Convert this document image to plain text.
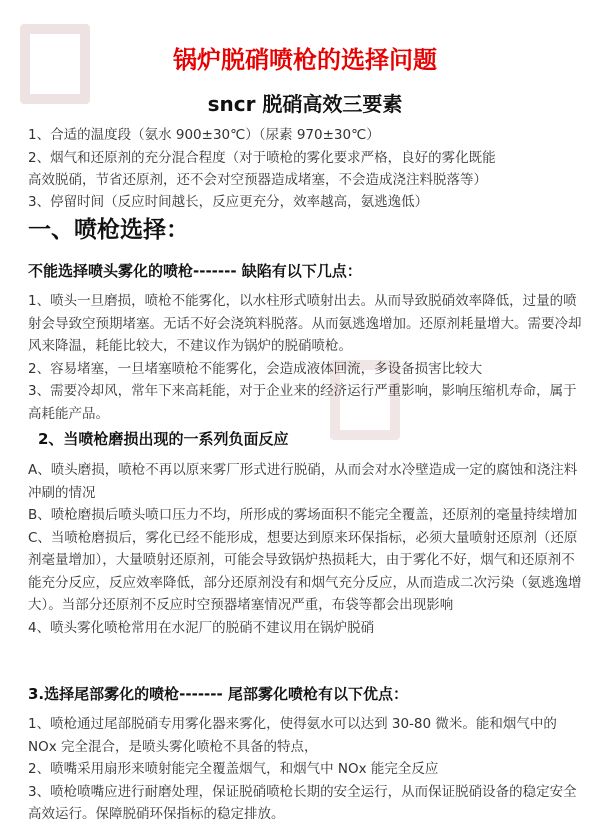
锅炉脱硝喷枪的选择问题
sncr 脱硝高效三要素

1、合适的温度段（氨水 900±30℃）（尿素 970±30℃）

2、烟气和还原剂的充分混合程度（对于喷枪的雾化要求严格，良好的雾化既能

高效脱硝，节省还原剂，还不会对空预器造成堵塞，不会造成浇注料脱落等）

3、停留时间（反应时间越长，反应更充分，效率越高，氨逃逸低）

一、喷枪选择：
不能选择喷头雾化的喷枪------- 缺陷有以下几点：

1、喷头一旦磨损，喷枪不能雾化，以水柱形式喷射出去。从而导致脱硝效率降低，过量的喷射会导致空预期堵塞。无话不好会浇筑料脱落。从而氨逃逸增加。还原剂耗量增大。需要冷却风来降温，耗能比较大，不建议作为锅炉的脱硝喷枪。

2、容易堵塞，一旦堵塞喷枪不能雾化，会造成液体回流，多设备损害比较大

3、需要冷却风，常年下来高耗能，对于企业来的经济运行严重影响，影响压缩机寿命，属于高耗能产品。

2、当喷枪磨损出现的一系列负面反应

A、喷头磨损，喷枪不再以原来雾厂形式进行脱硝，从而会对水冷壁造成一定的腐蚀和浇注料冲刷的情况

B、喷枪磨损后喷头喷口压力不均，所形成的雾场面积不能完全覆盖，还原剂的毫量持续增加

C、当喷枪磨损后，雾化已经不能形成，想要达到原来环保指标，必须大量喷射还原剂（还原剂毫量增加），大量喷射还原剂，可能会导致锅炉热损耗大，由于雾化不好，烟气和还原剂不能充分反应，反应效率降低，部分还原剂没有和烟气充分反应，从而造成二次污染（氨逃逸增大）。当部分还原剂不反应时空预器堵塞情况严重，布袋等都会出现影响

4、喷头雾化喷枪常用在水泥厂的脱硝不建议用在锅炉脱硝

3.选择尾部雾化的喷枪------- 尾部雾化喷枪有以下优点：

1、喷枪通过尾部脱硝专用雾化器来雾化，使得氨水可以达到 30-80 微米。能和烟气中的 NOx 完全混合，是喷头雾化喷枪不具备的特点，

2、喷嘴采用扇形来喷射能完全覆盖烟气，和烟气中 NOx 能完全反应

3、喷枪喷嘴应进行耐磨处理，保证脱硝喷枪长期的安全运行，从而保证脱硝设备的稳定安全高效运行。保障脱硝环保指标的稳定排放。
